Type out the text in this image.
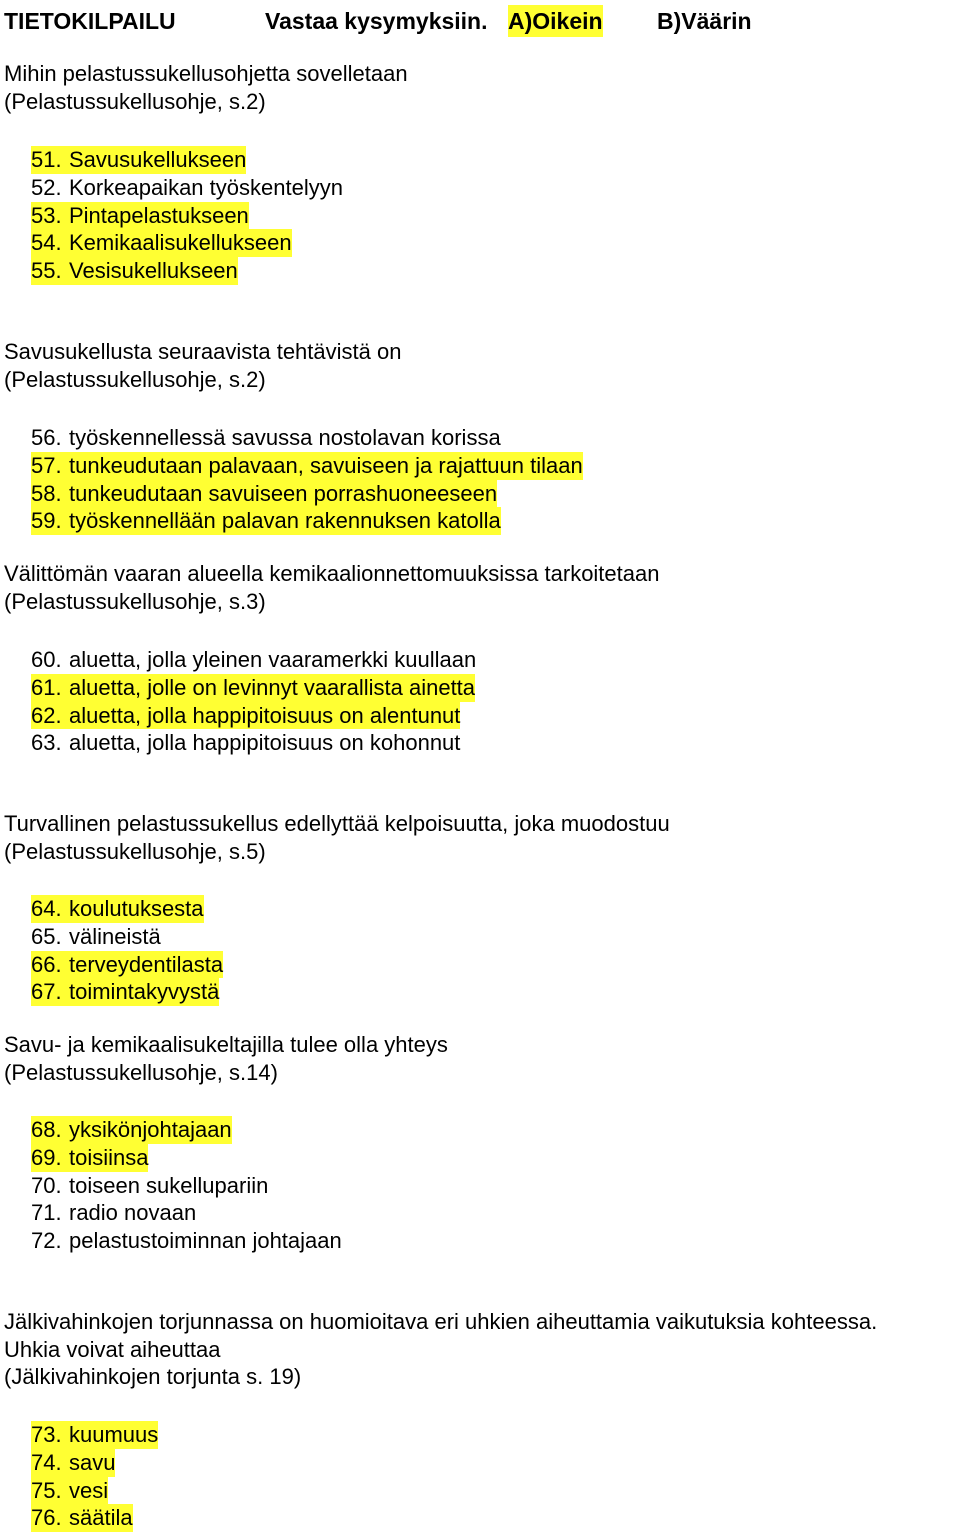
TIETOKILPAILU	Vastaa kysymyksiin. A)Oikein B)Väärin

Mihin pelastussukellusohjetta sovelletaan

(Pelastussukellusohje, s.2)

51. Savusukellukseen
52. Korkeapaikan työskentelyyn
53. Pintapelastukseen
54. Kemikaalisukellukseen
55. Vesisukellukseen

Savusukellusta seuraavista tehtävistä on

(Pelastussukellusohje, s.2)

56. työskennellessä savussa nostolavan korissa
57. tunkeudutaan palavaan, savuiseen ja rajattuun tilaan
58. tunkeudutaan savuiseen porrashuoneeseen
59. työskennellään palavan rakennuksen katolla

Välittömän vaaran alueella kemikaalionnettomuuksissa tarkoitetaan

(Pelastussukellusohje, s.3)

60. aluetta, jolla yleinen vaaramerkki kuullaan
61. aluetta, jolle on levinnyt vaarallista ainetta
62. aluetta, jolla happipitoisuus on alentunut
63. aluetta, jolla happipitoisuus on kohonnut

Turvallinen pelastussukellus edellyttää kelpoisuutta, joka muodostuu

(Pelastussukellusohje, s.5)

64. koulutuksesta
65. välineistä
66. terveydentilasta
67. toimintakyvystä

Savu- ja kemikaalisukeltajilla tulee olla yhteys

(Pelastussukellusohje, s.14)

68. yksikönjohtajaan
69. toisiinsa
70. toiseen sukellupariin
71. radio novaan
72. pelastustoiminnan johtajaan

Jälkivahinkojen torjunnassa on huomioitava eri uhkien aiheuttamia vaikutuksia kohteessa.

Uhkia voivat aiheuttaa

(Jälkivahinkojen torjunta s. 19)

73. kuumuus
74. savu
75. vesi
76. säätila
